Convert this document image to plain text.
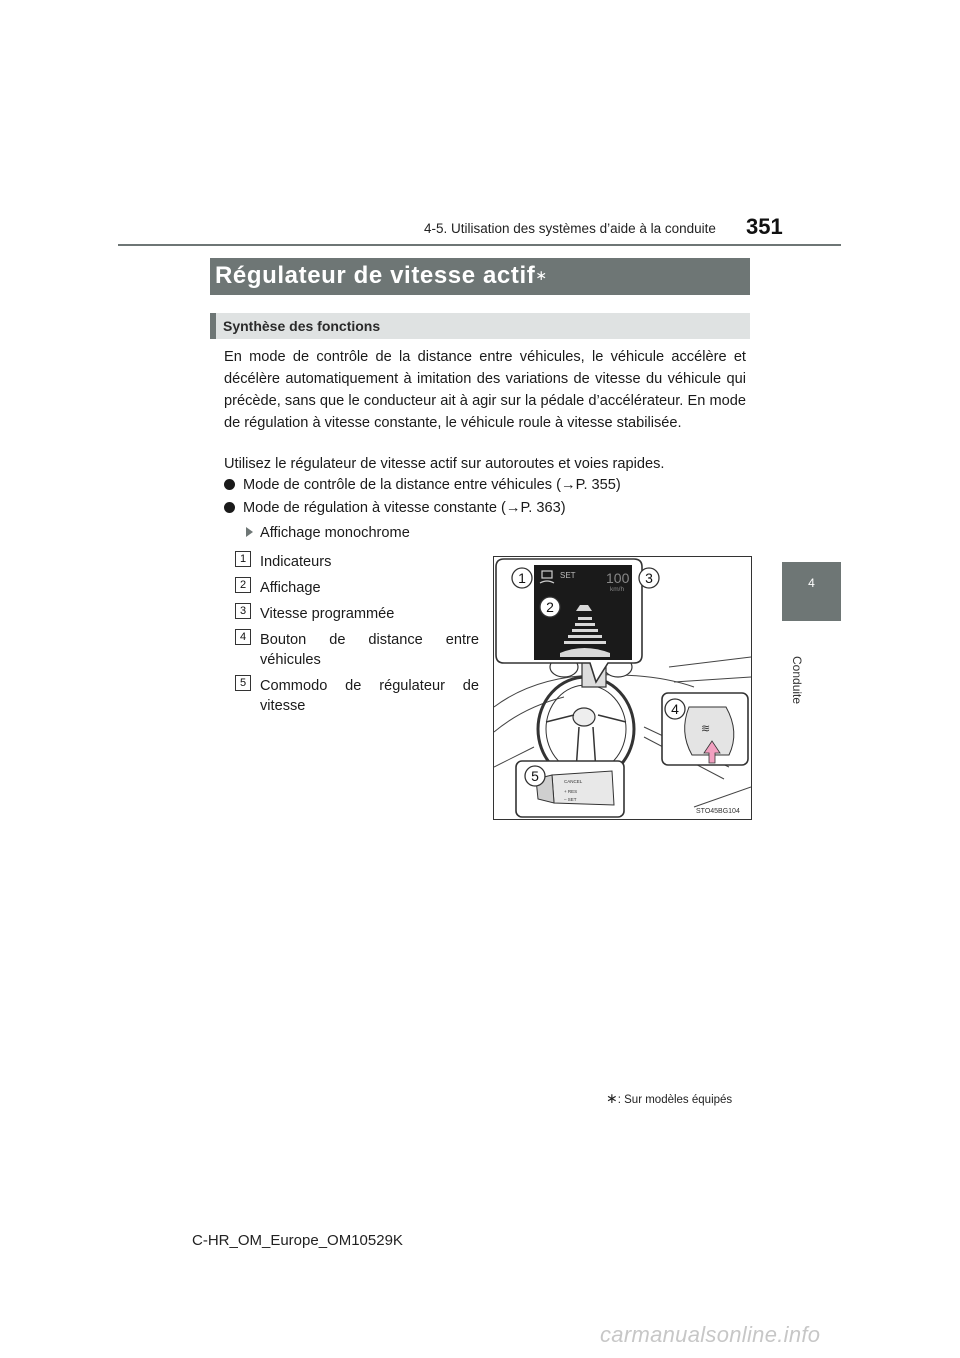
4-5. Utilisation des systèmes d’aide à la conduite 351
4
Conduite
Régulateur de vitesse actif∗
Synthèse des fonctions
En mode de contrôle de la distance entre véhicules, le véhicule accélère et décélère automatiquement à imitation des variations de vitesse du véhicule qui précède, sans que le conducteur ait à agir sur la pédale d’accélérateur. En mode de régulation à vitesse constante, le véhicule roule à vitesse stabilisée.
Utilisez le régulateur de vitesse actif sur autoroutes et voies rapides.
Mode de contrôle de la distance entre véhicules (→P. 355)
Mode de régulation à vitesse constante (→P. 363)
Affichage monochrome
1 Indicateurs
2 Affichage
3 Vitesse programmée
4 Bouton de distance entre véhicules
5 Commodo de régulateur de vitesse
SET 100
km/h
≋
CANCEL
+ RES
– SET
1
2
3
4
5
STO45BG104
∗: Sur modèles équipés
C-HR_OM_Europe_OM10529K
carmanualsonline.info
